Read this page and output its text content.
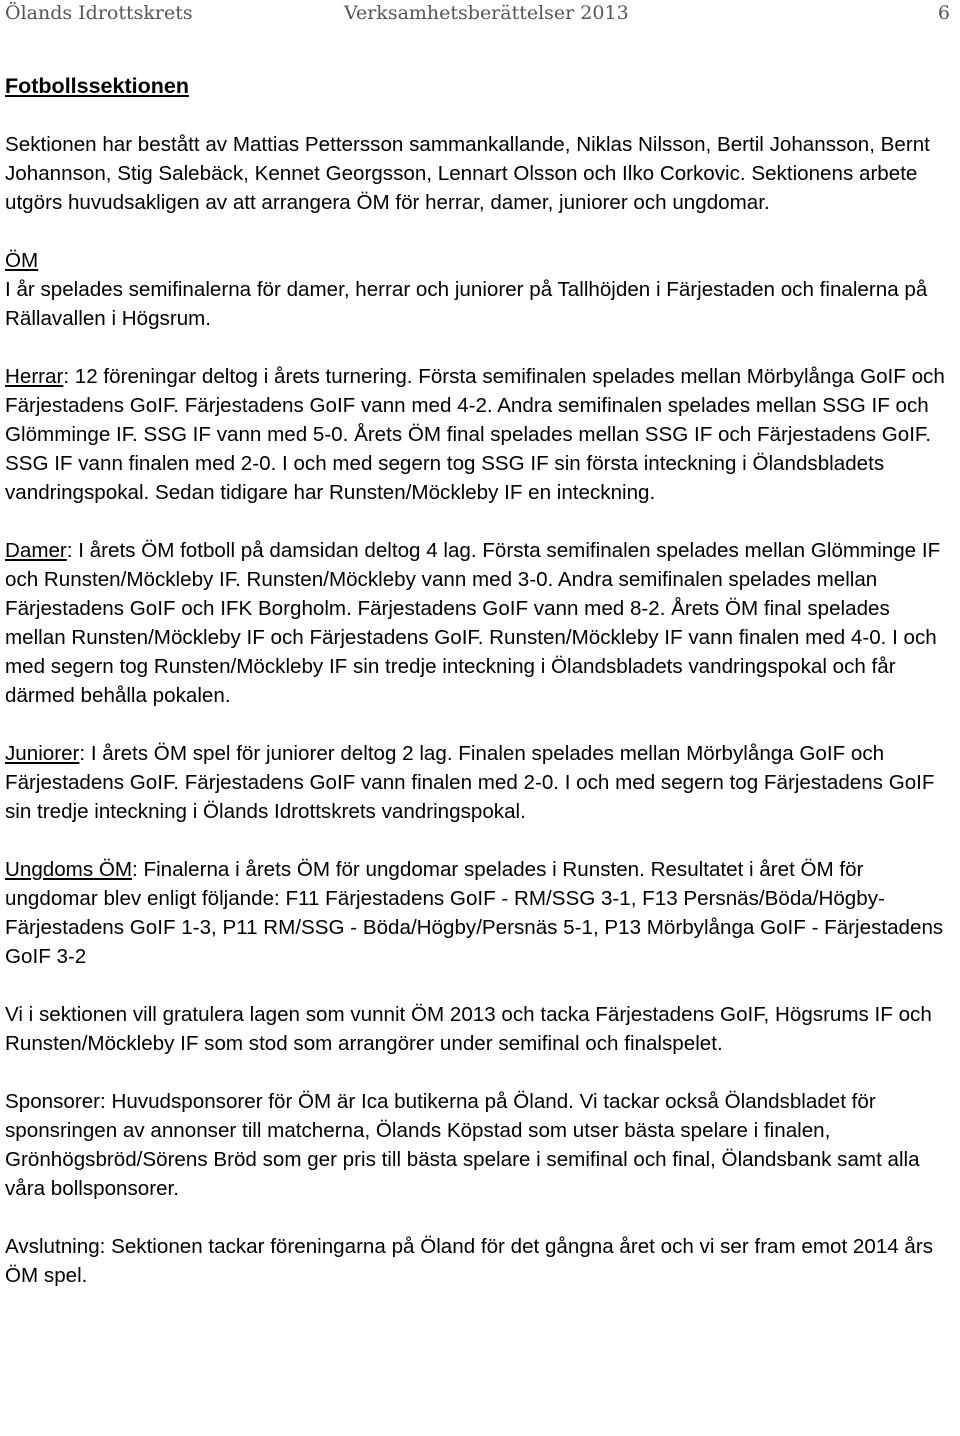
Ölands Idrottskrets	Verksamhetsberättelser 2013	6
Fotbollssektionen
Sektionen har bestått av Mattias Pettersson sammankallande, Niklas Nilsson, Bertil Johansson, Bernt Johannson, Stig Salebäck, Kennet Georgsson, Lennart Olsson och Ilko Corkovic. Sektionens arbete utgörs huvudsakligen av att arrangera ÖM för herrar, damer, juniorer och ungdomar.
ÖM
I år spelades semifinalerna för damer, herrar och juniorer på Tallhöjden i Färjestaden och finalerna på Rällavallen i Högsrum.
Herrar: 12 föreningar deltog i årets turnering. Första semifinalen spelades mellan Mörbylånga GoIF och Färjestadens GoIF. Färjestadens GoIF vann med 4-2. Andra semifinalen spelades mellan SSG IF och Glömminge IF. SSG IF vann med 5-0. Årets ÖM final spelades mellan SSG IF och Färjestadens GoIF. SSG IF vann finalen med 2-0. I och med segern tog SSG IF sin första inteckning i Ölandsbladets vandringspokal. Sedan tidigare har Runsten/Möckleby IF en inteckning.
Damer: I årets ÖM fotboll på damsidan deltog 4 lag. Första semifinalen spelades mellan Glömminge IF och Runsten/Möckleby IF. Runsten/Möckleby vann med 3-0. Andra semifinalen spelades mellan Färjestadens GoIF och IFK Borgholm. Färjestadens GoIF vann med 8-2. Årets ÖM final spelades mellan Runsten/Möckleby IF och Färjestadens GoIF. Runsten/Möckleby IF vann finalen med 4-0. I och med segern tog Runsten/Möckleby IF sin tredje inteckning i Ölandsbladets vandringspokal och får därmed behålla pokalen.
Juniorer: I årets ÖM spel för juniorer deltog 2 lag. Finalen spelades mellan Mörbylånga GoIF och Färjestadens GoIF. Färjestadens GoIF vann finalen med 2-0. I och med segern tog Färjestadens GoIF sin tredje inteckning i Ölands Idrottskrets vandringspokal.
Ungdoms ÖM: Finalerna i årets ÖM för ungdomar spelades i Runsten. Resultatet i året ÖM för ungdomar blev enligt följande: F11 Färjestadens GoIF - RM/SSG 3-1, F13 Persnäs/Böda/Högby- Färjestadens GoIF 1-3, P11 RM/SSG - Böda/Högby/Persnäs 5-1, P13 Mörbylånga GoIF - Färjestadens GoIF 3-2
Vi i sektionen vill gratulera lagen som vunnit ÖM 2013 och tacka Färjestadens GoIF, Högsrums IF och Runsten/Möckleby IF som stod som arrangörer under semifinal och finalspelet.
Sponsorer: Huvudsponsorer för ÖM är Ica butikerna på Öland. Vi tackar också Ölandsbladet för sponsringen av annonser till matcherna, Ölands Köpstad som utser bästa spelare i finalen, Grönhögsbröd/Sörens Bröd som ger pris till bästa spelare i semifinal och final, Ölandsbank samt alla våra bollsponsorer.
Avslutning: Sektionen tackar föreningarna på Öland för det gångna året och vi ser fram emot 2014 års ÖM spel.
